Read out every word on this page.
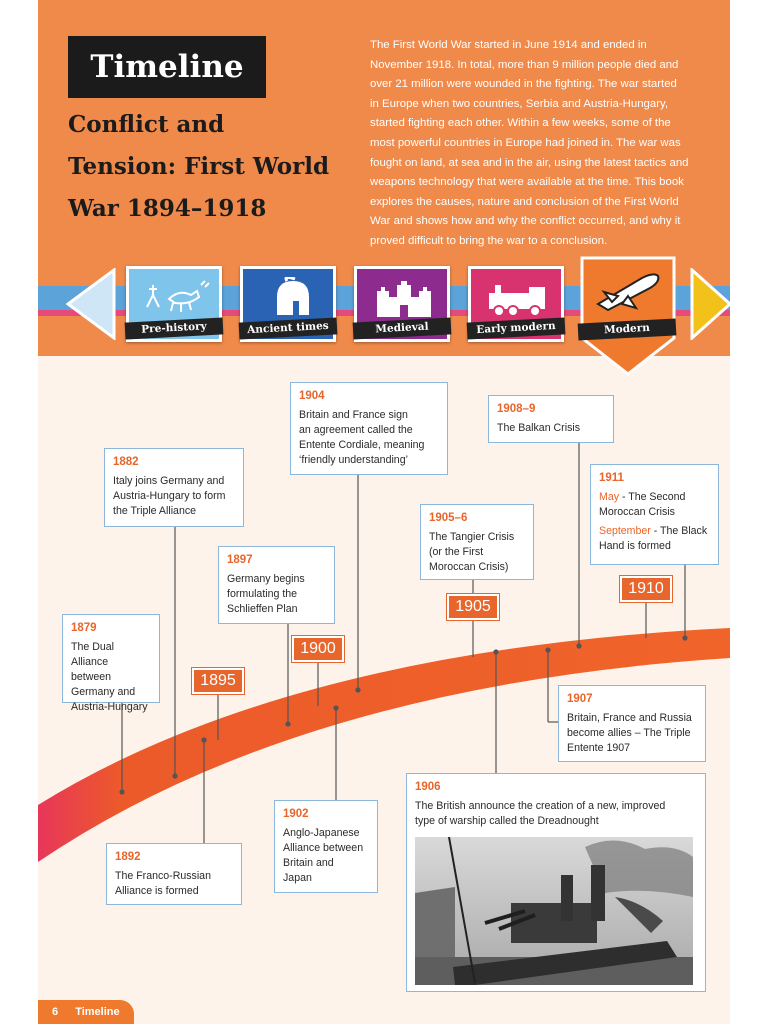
Timeline
Conflict and
Tension: First World
War 1894–1918

The First World War started in June 1914 and ended in
November 1918. In total, more than 9 million people died and
over 21 million were wounded in the fighting. The war started
in Europe when two countries, Serbia and Austria-Hungary,
started fighting each other. Within a few weeks, some of the
most powerful countries in Europe had joined in. The war was
fought on land, at sea and in the air, using the latest tactics and
weapons technology that were available at the time. This book
explores the causes, nature and conclusion of the First World
War and shows how and why the conflict occurred, and why it
proved difficult to bring the war to a conclusion.

Pre-history	Ancient times	Medieval	Early modern	Modern
1895
1900
1905
1910
1879
The Dual Alliance
between
Germany and
Austria-Hungary
1882
Italy joins Germany and
Austria-Hungary to form
the Triple Alliance
1892
The Franco-Russian
Alliance is formed
1897
Germany begins
formulating the
Schlieffen Plan
1902
Anglo-Japanese
Alliance between
Britain and
Japan
1904
Britain and France sign
an agreement called the
Entente Cordiale, meaning
‘friendly understanding’
1905–6
The Tangier Crisis
(or the First
Moroccan Crisis)
1908–9
The Balkan Crisis
1911
May - The Second
Moroccan Crisis
September - The Black
Hand is formed
1907
Britain, France and Russia
become allies – The Triple
Entente 1907
1906
The British announce the creation of a new, improved
type of warship called the Dreadnought
6 Timeline
